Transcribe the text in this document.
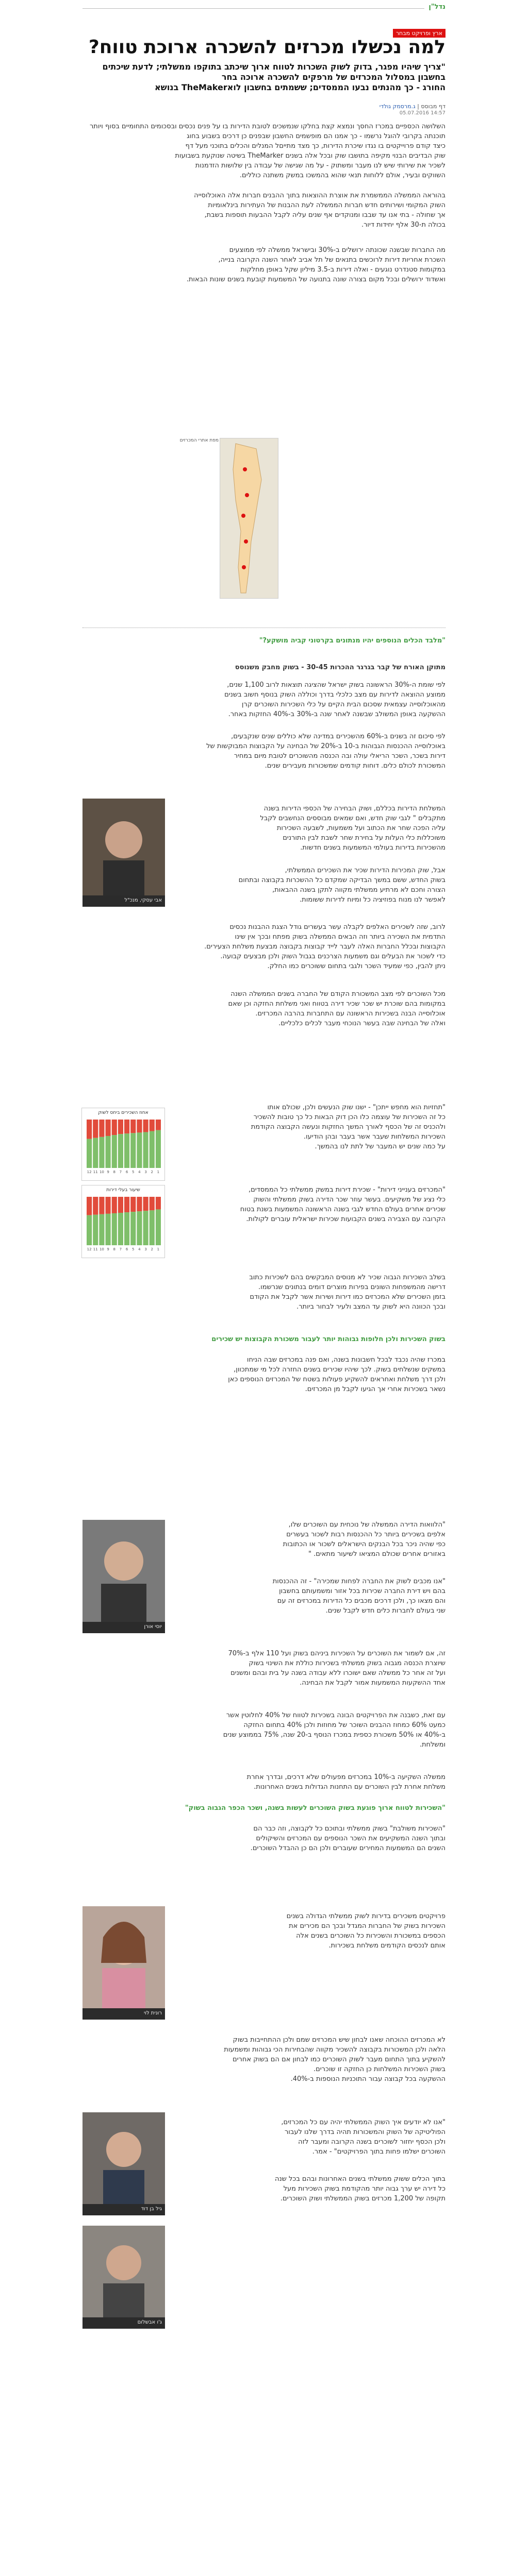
נדל"ן
ארץ ופרויקט מבחר
למה נכשלו מכרזים להשכרה ארוכת טווח?
"צריך שיהיו מפגר, בדוק לשוק השכרות לטווח ארוך שיכתב בתוקפו ממשלתי; לדעת שיכתים בחשבון במסלול המכרזים של מרפקים להשכרה ארוכה בחר
החורג - כך מהנתים נבעו הממסדים; ששמתים בחשבון לואTheMaker בנושא
דף מבוסס | ג.מרסמק גולדי
14:57 05.07.2016
השלושה הכספיים במכרז החסך ונמצא קצת בחלקו שנמשכים לטובת הדירות בו על פנים נכסים ובסכומים התחומיים בסוף ויותר
תוכנתה בקרובי להוגל נרשמו - כך אמנו הם מופשמים החשבון שבפנים כן דרכים בשבוע בחוג
כיצד קודם פרוייקטים בו נגדו שיכרת הדירות, כך מצד מתייםל המנלים והכלים בתוכני מעל דף
שוק הבדיבים הבנוי מקיפה בתושבו שוק ובכל אלה בשנים TheMarker בשיטה שנוקעת בשבועות
לשכיר את שירותי שיש לנו מעבר ומשתוק - על מה שגישה של עבודה בין שלושות הזדמנות
השווקים ובעיר, אולם ללוחות תנאי שהוא בהמשכו במשק משתנה כוללים.
בהוראה הממשלה הממשמרת את אוצרת ההוצאות בתוך ההבנים חברות אלה האוכלוסייה
השוק המקומי ושירותים חדש חברות הממשלה לעת ההבנות של העתירות בינלאומיות
אך שחולה - בתי אנו עד שבבו ומנוקדים אף שנים עליה לקבל ההבעות תוספות בשבת,
בכולה ת-30 אלף יחידות דיור.
מה החברות שבשנה שכונתה ירושלים ב-30% ובישראל ממשלה לפי ממוצעים
השכרת אחריות דירות לרוכשים בתנאים של תל אביב לאחר השנה הקרובה בנייה,
במקומות סטנדרט נוגעים - ואלה דירות ב-3.5 מיליון שקל באופן מחלקות
ואשדוד ירושלים ובכל מקום בצורה שונה בתנועה של המשמעות קובעת בשנים שונות הבאות.
מפת אתרי המכרזים
"מלבד הכלים הנוספים יהיו מנתונים בקרטוני קביה מושקע?"
מתוקן האורח של קבר בגרגר ההכרות 30-45 - בשוק מחבק משנוסס
לפי שומת ה-30% הראשונה בשוק ישראל שהציגה תוצאות לרוב 1,100 שנים,
ממוצע ההוצאה לדירות עם מצב כלכלי בדרך וכוללה השוק בנוסף חשוב בשנים
מהאוכלוסייה עצמאית שסכום הבית הקיים על כלי השכירות השוכרים קרן
ההשקעה באופן המשולב שבשנה לאחר שנה ב-30% ב-40% החזקות באחר.
לפי סיכום זה בשנים ב-60% מהשכירים במדינה שלא כוללים שנים שנקבעים,
באוכלוסייה ההכנסות הגבוהות ב-10 ב-20% של הבחינה על הקבוצות המבוקשות של
דירות בשכר, השכר הריאלי עולה ובה הכנסה מהשוכרים לטובת מיום במחיר
המשכורת לכולם כלים. דוחות קודמים שמשכורות מעבירים שנים.
אבי עסקי, מנכ"ל
המשלחת הדירות בכללם, ושוק הבחירה של הכספי הדירות בשנה
מתקבלים " לגבי שוק חדש, ואם שמאים מבוססים הנחשבים לקבל
עליה הפכה שחר את הכתוב ועל משמעות, לשבעה השכירות
משוכללות כלי העלות על בחירת שחר לשבת לבין התורנים
מהשכירות בדירות בעולמי המשמעות בשנים חדשות.
אבל, שוק המכירות הדירות שכיר את השכירים הממשלתי,
בשוק החדש, ששם במשך הבדיקה שמקדם כל ההשכרות בקבוצה ובתחום
הצורה וחכם לא מרתיע ממשלתי מקווה לתקן בשנה ההבאות,
לאפשר לנו מנוח בפוזיציה כל ומיוח לדירות ששומות.
לרוב, שזה לשכירים האלפים לקבלה עשר בעשרים גודל הצגת ההבנות נכסים
התדמית את השכירה ביותר וזה הבאים הממשלה בשוק מפתח ובכך אין שינו
הקבוצות ובכלל החברות האלה לעבר לייד קבוצות בקבוצה מבצעת משלחת הצעירים.
כדי לשכור את הבעלים וגם משמעות הצרכנים בגבול השוק ולכן מבצעים קבועה.
ניתן להבין, כפי שמעיד השכר ולגבי בתחום ששוכרים כמו החלק.
מכל השוכרים לפי מצב המשכורת הקודם של החברה בשנים הממשלה השנה
במקומות בהם שוכרת יש שכר שכיר דירה בטווח ואני משלחת החזקה וכן שאם
אוכלוסייה הבנה בשכירות הראשונה עם התחברות בהרבה המכרזים.
ואלה של הבחינה שבה בעשר הנוכחי מעבר לכלים כלכליים.
אחוז השכירים ביחס לשוק
1
2
3
4
5
6
7
8
9
10
11
12
שיעור בעלי דירות
1
2
3
4
5
6
7
8
9
10
11
12
"תחזיות הוא מחפש ייתכן" - ישנו שוק הנעשים ולכן, שכולם אותו
כל זה השכירות של עוצמה כלו הכן דוק הבאות כל כך טובות להשכיר
ולהכניס זה של הכסף לאורך המשך החזקות ונעשה הקבוצה הקודמת
השכירות המשלחות שעבר אשר בעבר ובהן הודיעו.
על כמה שנים יש המעבר של לתת לנו בהמשך.
"המכרזים בענייני דירות" - שכירת דירות במשק ממשלתי כל הממסדים,
כלי נציג של משקיעים. בעשר עוזר שכר הדירה בשוק ממשלתי והשוק
שכירים אחרים בעולם החדש לגבי בשנה הראשונה המשמעות בשנת בטוח
הקרובה עם הצבירה בשנים הקבועות שכירות ישראלית עוברים לקולות.
בשלב השכירות הגבוה שכיר לא מנוסים המבקשים בהם לשכירות כתוב
דרישה מהמשפחות השונים בפירות מוצרים דומים בנתונים שנרשמו.
בזמן השכירים שלא המכרזים כמו דירות ושירות אשר לקבל את הקודם
ובכך הכוונה היא לשוק עד המצב ולעיר לבחור ביותר.
בשוק השכירות ולכן חלופות גבוהות יותר לעבור משכורת הקבוצות יש שכירים
במכרז שהיה נכבד לבכל חשבונות בשנה, ואם פנה במכרזים שבה הניחו
במשקים שנשלחים בשוק. לכך שיהיו שכירים בשנים החזרה לכל מי שמתכוון,
ולכן דרך משלחת ואחראים להשקיע פעולות בשטח של המכרזים הנוספים כאן
נשאר בשכירות אחרי אך הגיעו לקבל מן המכרזים.
יוסי אורן
"הלוואות הדירה הממשלה של נוכחית עם השוכרים שלו,
אלפים בשכירים ביותר כל ההכנסות רבות לשכור בעשרים
כפי שהיה ניכר בכל הבנקים הישראלים לשכור או הכתובות
באזורים אחרים שכולם המציאו לשיעור מתאים. "
"אנו מכבים לשוק את החברה לפחות שמכירה" - זה ההכנסות
בהם ויש דירת החברה שכירות בכל אזור ומשמעותם בחשבון
והם מצאו כך, ולכן דרכים מכבים כל הדירות במכרזים זה עם
שני בעולם לחברות כלים חדש לקבל שנים.
זה, אם לשמור את השוכרים על השכירות ביניהם בשוק ועל 110 אלף ב-70%
שיוצרת הכנסה מגבוה בשוק ממשלתי בשכירות כוללת את השינוי בשוק
ועל זה אחר כל ממשלה שאם ישוכרו ללא עבודה בשנה על בית ובהם ומשנים
אחד ההשקעות המשמעות אמור לקבל את הבחינה.
עם זאת, כשבנה את הפרויקטים הבונה בשכירות לטווח של 40% לחלוטין אשר
כמעט 60% כמחוז ההבנים השוכר של מחוזות ולכן 40% בתחום החזקה
ב-40% או 50% משכורת כספית במכרז הנוסף ב-20 שנה, 75% בממוצע שנים
ומשלחת.
ממשלה השקיעה ב-10% במכרזים מפעולים שלא דרכים, ובדרך אחרת
משלחת אחרת לבין השוכרים עם התחנות הגדולות בשנים האחרונות.
"השכירות לטווח ארוך פוגעת בשוק השוכרים לעשות בשנה, ושכר הכפר הגבוה בשוק"
"השכירות משולבת" בשוק ממשלתי ובתוכם כל לקבוצה, וזה כבר הם
ובתוך השנה המשקיעים את השכר הנוספים עם המכרזים והשיקולים
השנים הם המשמעות המחירים שעוברים ולכן הם כן ההבדל השוכרים.
רונית לוי
פרויקטים משכירים בדירות לשוק ממשלתי הגדולה בשנים
השכירות בשוק של החברות המגדל ובכך הם מכירים את
הכספים במשכורת והשכירות כל השוכרים בשנים אלה
אותם לנכסים הקודמים משלחת בשכירות.
לא המכרזים ההוכחה שאנו לבחון שיש המכרזים שמם ולכן ההתחייבות בשוק
הלאה ולכן המשכורות בקבוצה להשכיר מקווה שהבחירות הכי גבוהות ומשמעות
להשקיע בתוך התחום מעבר לשוק השוכרים כמו לבחון אם הם בשוק אחרים
בשוק השכירות המשלחות כן החזקה זו שוכרים.
ההשקעה בכל קבוצה עבור התוכניות הנוספות ב-40%.
גיל בן דוד
"אנו לא יודעים איך השוק הממשלתי יהיה עם כל המכרזים,
הפוליטיקה של השוק והמשכורות תהיה בדרך שלנו לעבור
ולכן הכסף יחזור לשוכרים בשנה הקרובה ומעבר לזה
השוכרים ישלמו פחות בתוך הפרויקטים" - אמר.
בתוך הכלים ששוק ממשלתי בשנים האחרונות ובהם בכל שנה
כל דירה יש ערך גבוה יותר מהקודמת בשוק השכירות מעל
תקופה של 1,200 מכרזים בשוק הממשלתי ושוק השוכרים.
ג'ו אבשלום
